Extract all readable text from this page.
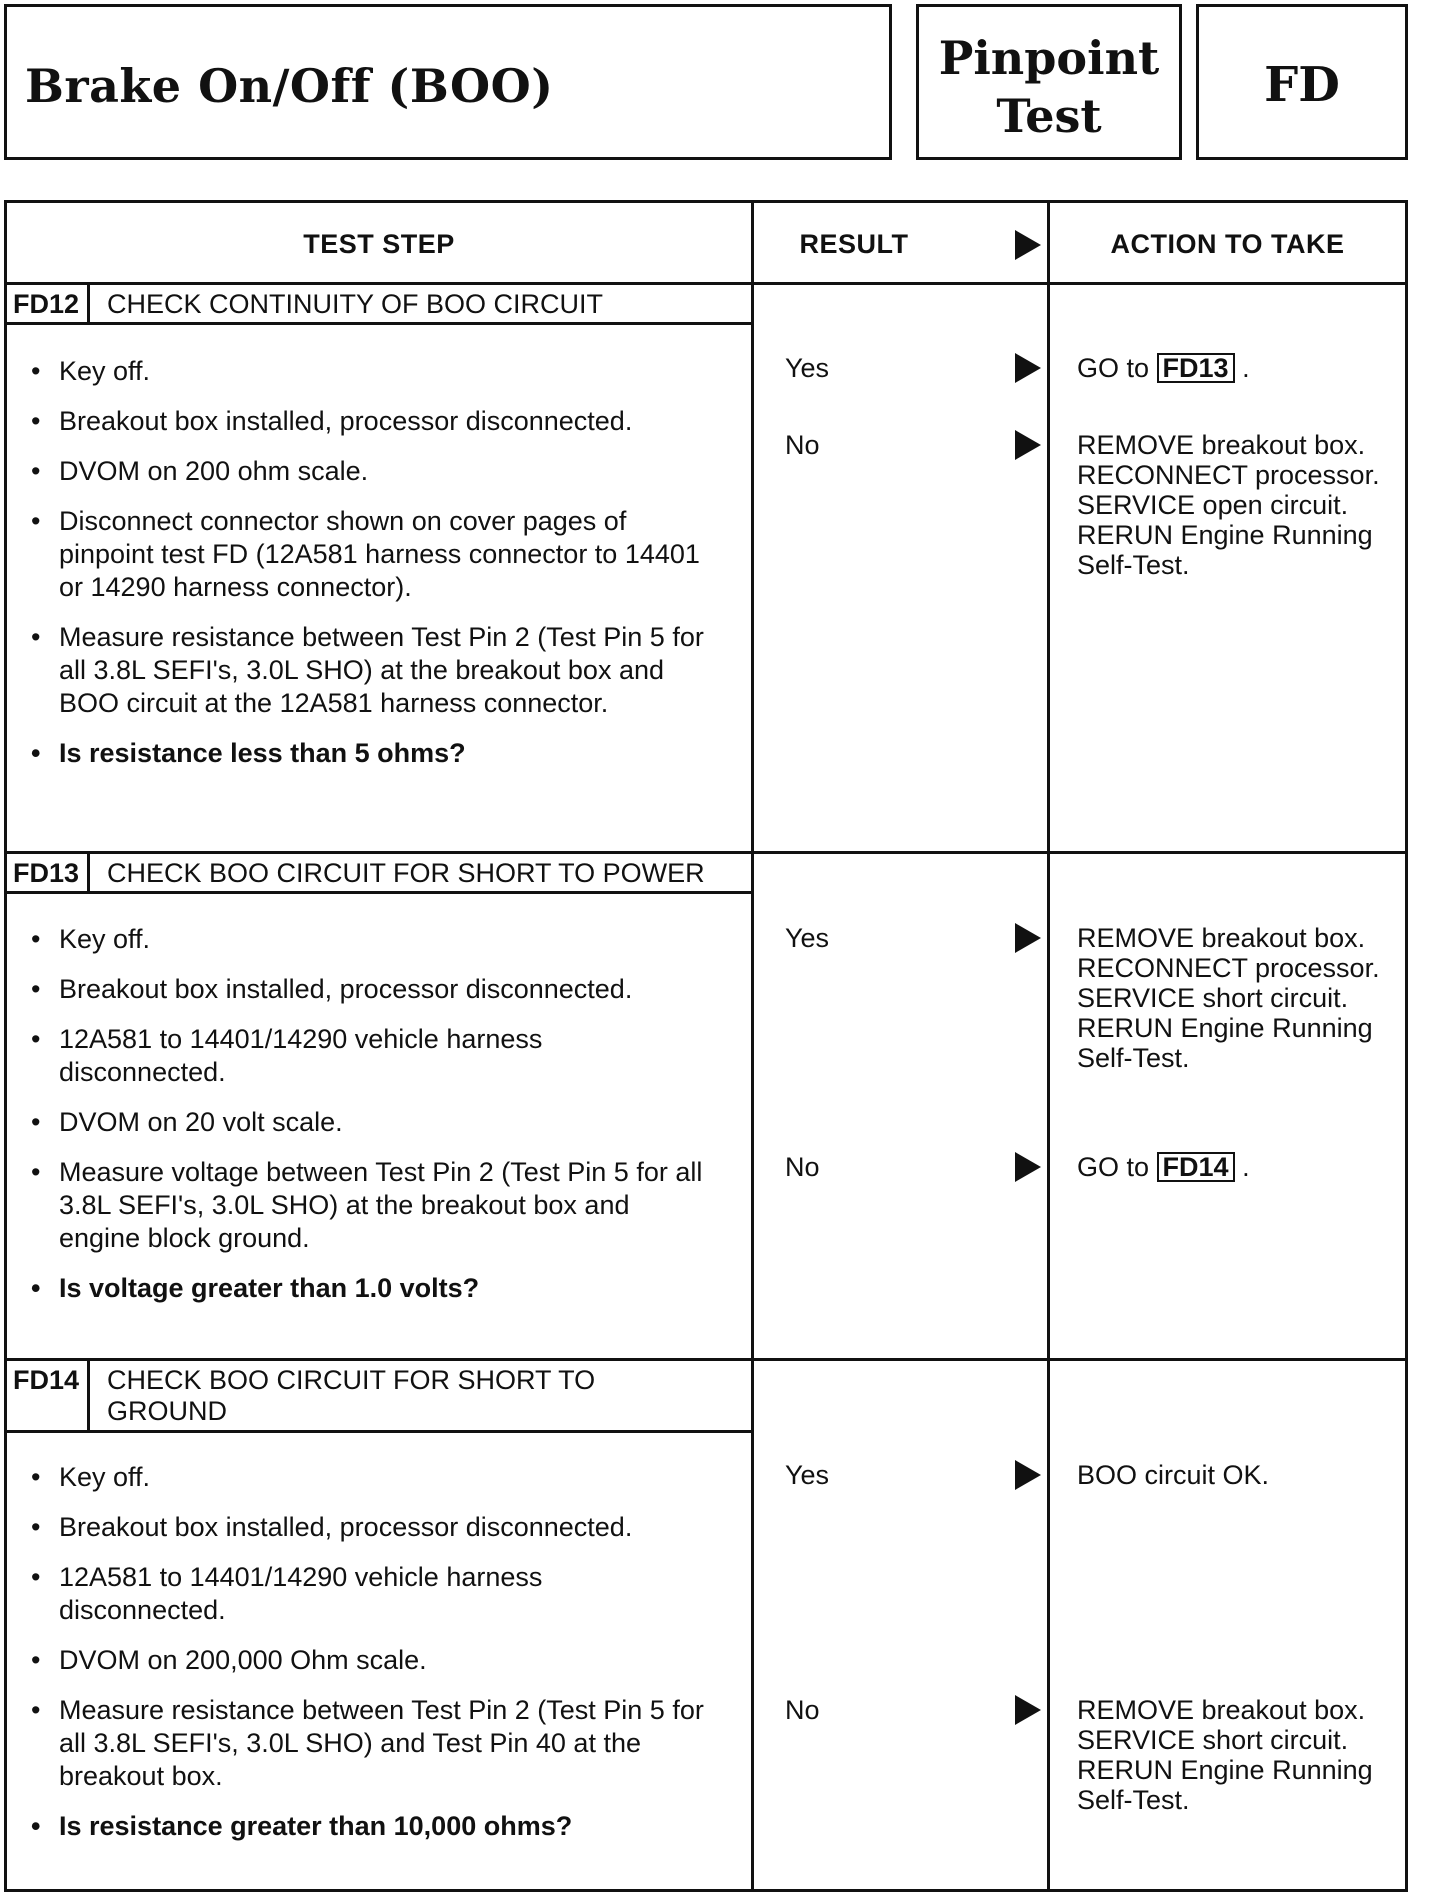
Brake On/Off (BOO)
Pinpoint
Test
FD
TEST STEP	RESULT	ACTION TO TAKE
FD12 CHECK CONTINUITY OF BOO CIRCUIT
• Key off.
• Breakout box installed, processor disconnected.
• DVOM on 200 ohm scale.
• Disconnect connector shown on cover pages of pinpoint test FD (12A581 harness connector to 14401 or 14290 harness connector).
• Measure resistance between Test Pin 2 (Test Pin 5 for all 3.8L SEFI's, 3.0L SHO) at the breakout box and BOO circuit at the 12A581 harness connector.
• Is resistance less than 5 ohms?
Yes	GO to FD13 .
No	REMOVE breakout box. RECONNECT processor. SERVICE open circuit. RERUN Engine Running Self-Test.
FD13 CHECK BOO CIRCUIT FOR SHORT TO POWER
• Key off.
• Breakout box installed, processor disconnected.
• 12A581 to 14401/14290 vehicle harness disconnected.
• DVOM on 20 volt scale.
• Measure voltage between Test Pin 2 (Test Pin 5 for all 3.8L SEFI's, 3.0L SHO) at the breakout box and engine block ground.
• Is voltage greater than 1.0 volts?
Yes	REMOVE breakout box. RECONNECT processor. SERVICE short circuit. RERUN Engine Running Self-Test.
No	GO to FD14 .
FD14 CHECK BOO CIRCUIT FOR SHORT TO GROUND
• Key off.
• Breakout box installed, processor disconnected.
• 12A581 to 14401/14290 vehicle harness disconnected.
• DVOM on 200,000 Ohm scale.
• Measure resistance between Test Pin 2 (Test Pin 5 for all 3.8L SEFI's, 3.0L SHO) and Test Pin 40 at the breakout box.
• Is resistance greater than 10,000 ohms?
Yes	BOO circuit OK.
No	REMOVE breakout box. SERVICE short circuit. RERUN Engine Running Self-Test.
